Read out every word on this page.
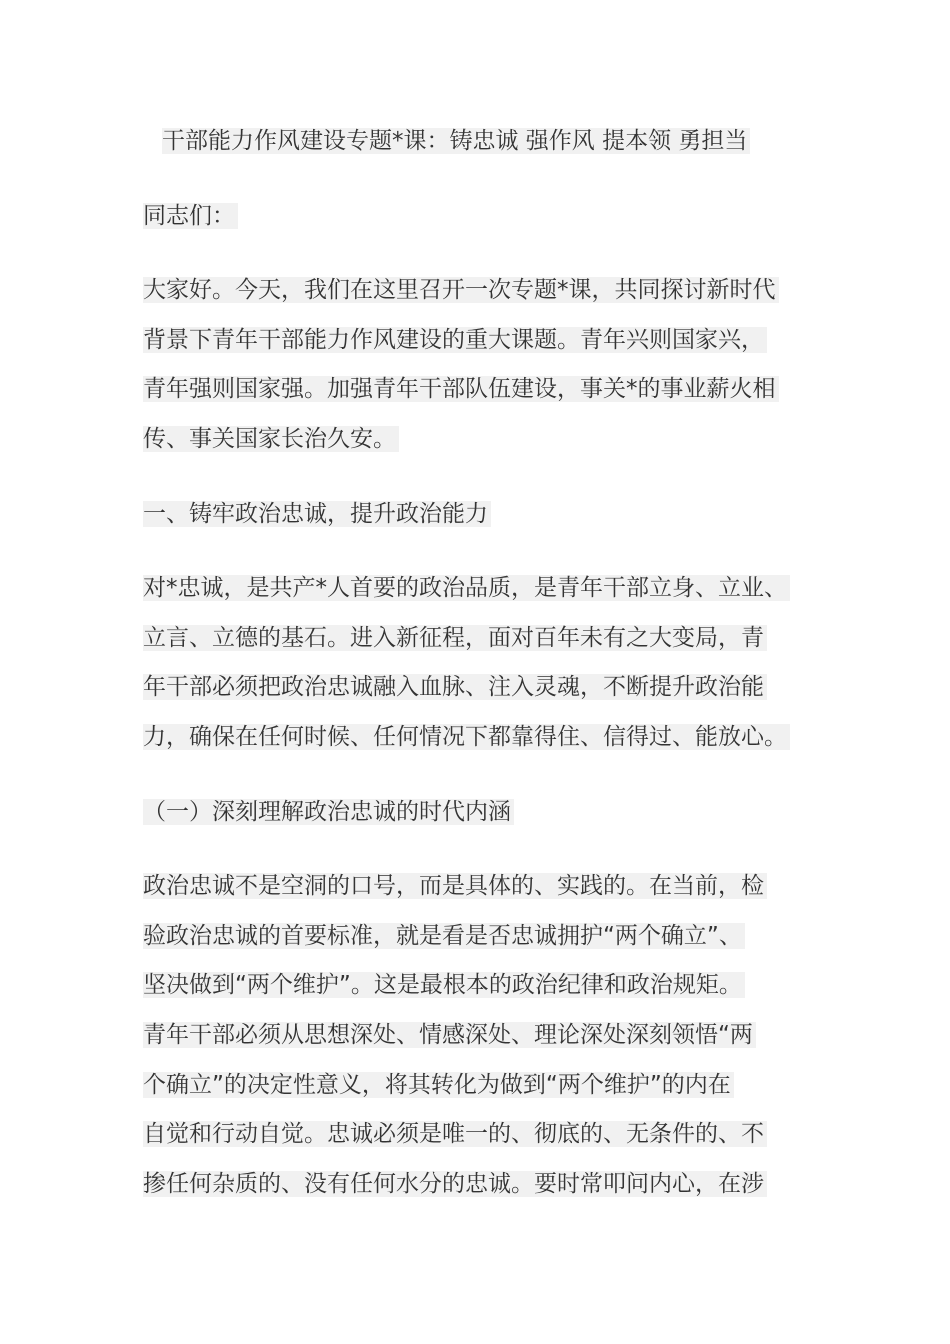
干部能力作风建设专题*课：铸忠诚 强作风 提本领 勇担当
同志们：
大家好。今天，我们在这里召开一次专题*课，共同探讨新时代
背景下青年干部能力作风建设的重大课题。青年兴则国家兴，
青年强则国家强。加强青年干部队伍建设，事关*的事业薪火相
传、事关国家长治久安。
一、铸牢政治忠诚，提升政治能力
对*忠诚，是共产*人首要的政治品质，是青年干部立身、立业、
立言、立德的基石。进入新征程，面对百年未有之大变局，青
年干部必须把政治忠诚融入血脉、注入灵魂，不断提升政治能
力，确保在任何时候、任何情况下都靠得住、信得过、能放心。
（一）深刻理解政治忠诚的时代内涵
政治忠诚不是空洞的口号，而是具体的、实践的。在当前，检
验政治忠诚的首要标准，就是看是否忠诚拥护“两个确立”、
坚决做到“两个维护”。这是最根本的政治纪律和政治规矩。
青年干部必须从思想深处、情感深处、理论深处深刻领悟“两
个确立”的决定性意义，将其转化为做到“两个维护”的内在
自觉和行动自觉。忠诚必须是唯一的、彻底的、无条件的、不
掺任何杂质的、没有任何水分的忠诚。要时常叩问内心，在涉
